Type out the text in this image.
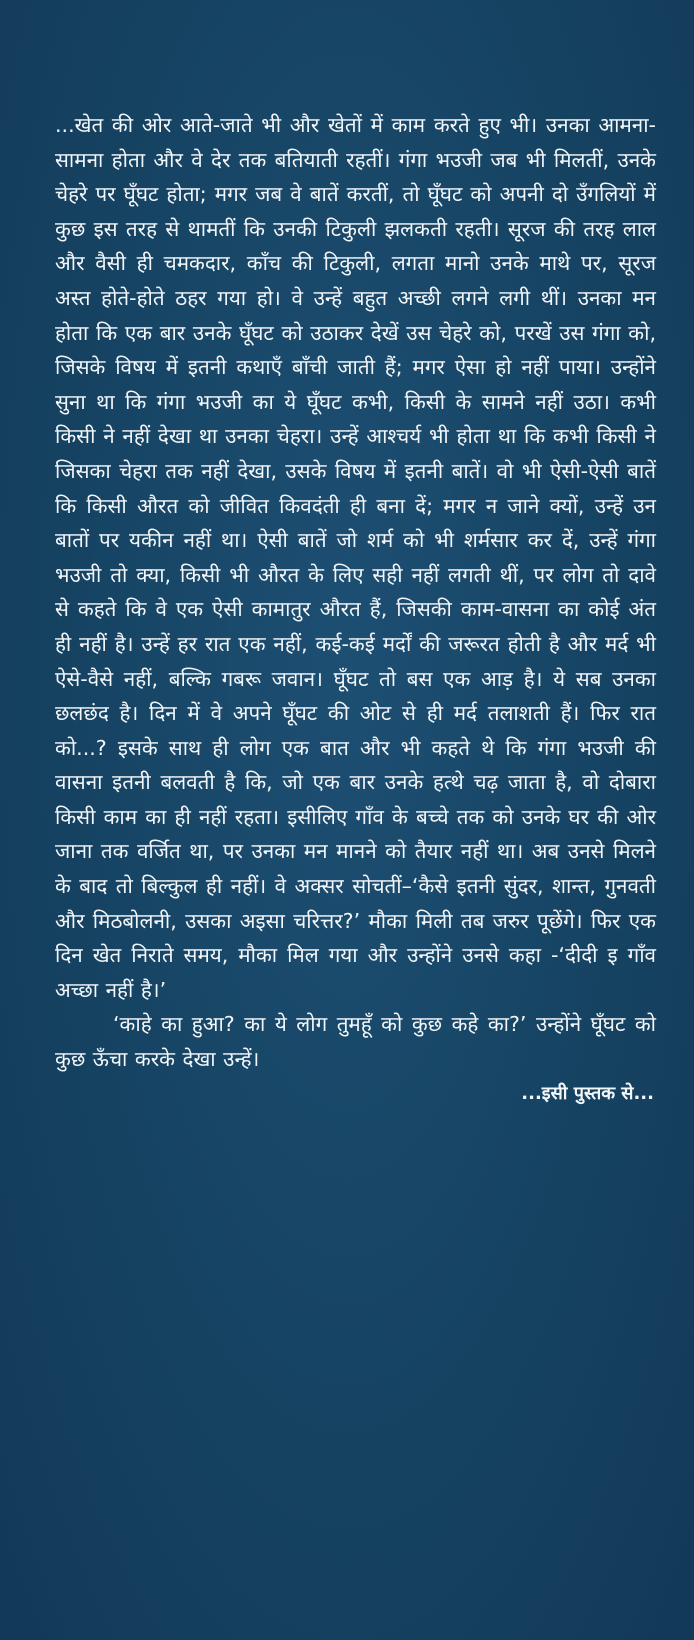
...खेत की ओर आते-जाते भी और खेतों में काम करते हुए भी। उनका आमना-सामना होता और वे देर तक बतियाती रहतीं। गंगा भउजी जब भी मिलतीं, उनके चेहरे पर घूँघट होता; मगर जब वे बातें करतीं, तो घूँघट को अपनी दो उँगलियों में कुछ इस तरह से थामतीं कि उनकी टिकुली झलकती रहती। सूरज की तरह लाल और वैसी ही चमकदार, काँच की टिकुली, लगता मानो उनके माथे पर, सूरज अस्त होते-होते ठहर गया हो। वे उन्हें बहुत अच्छी लगने लगी थीं। उनका मन होता कि एक बार उनके घूँघट को उठाकर देखें उस चेहरे को, परखें उस गंगा को, जिसके विषय में इतनी कथाएँ बाँची जाती हैं; मगर ऐसा हो नहीं पाया। उन्होंने सुना था कि गंगा भउजी का ये घूँघट कभी, किसी के सामने नहीं उठा। कभी किसी ने नहीं देखा था उनका चेहरा। उन्हें आश्चर्य भी होता था कि कभी किसी ने जिसका चेहरा तक नहीं देखा, उसके विषय में इतनी बातें। वो भी ऐसी-ऐसी बातें कि किसी औरत को जीवित किवदंती ही बना दें; मगर न जाने क्यों, उन्हें उन बातों पर यकीन नहीं था। ऐसी बातें जो शर्म को भी शर्मसार कर दें, उन्हें गंगा भउजी तो क्या, किसी भी औरत के लिए सही नहीं लगती थीं, पर लोग तो दावे से कहते कि वे एक ऐसी कामातुर औरत हैं, जिसकी काम-वासना का कोई अंत ही नहीं है। उन्हें हर रात एक नहीं, कई-कई मर्दों की जरूरत होती है और मर्द भी ऐसे-वैसे नहीं, बल्कि गबरू जवान। घूँघट तो बस एक आड़ है। ये सब उनका छलछंद है। दिन में वे अपने घूँघट की ओट से ही मर्द तलाशती हैं। फिर रात को...? इसके साथ ही लोग एक बात और भी कहते थे कि गंगा भउजी की वासना इतनी बलवती है कि, जो एक बार उनके हत्थे चढ़ जाता है, वो दोबारा किसी काम का ही नहीं रहता। इसीलिए गाँव के बच्चे तक को उनके घर की ओर जाना तक वर्जित था, पर उनका मन मानने को तैयार नहीं था। अब उनसे मिलने के बाद तो बिल्कुल ही नहीं। वे अक्सर सोचतीं–‘कैसे इतनी सुंदर, शान्त, गुनवती और मिठबोलनी, उसका अइसा चरित्तर?’ मौका मिली तब जरुर पूछेंगे। फिर एक दिन खेत निराते समय, मौका मिल गया और उन्होंने उनसे कहा -‘दीदी इ गाँव अच्छा नहीं है।’

‘काहे का हुआ? का ये लोग तुमहूँ को कुछ कहे का?’ उन्होंने घूँघट को कुछ ऊँचा करके देखा उन्हें।

...इसी पुस्तक से...
